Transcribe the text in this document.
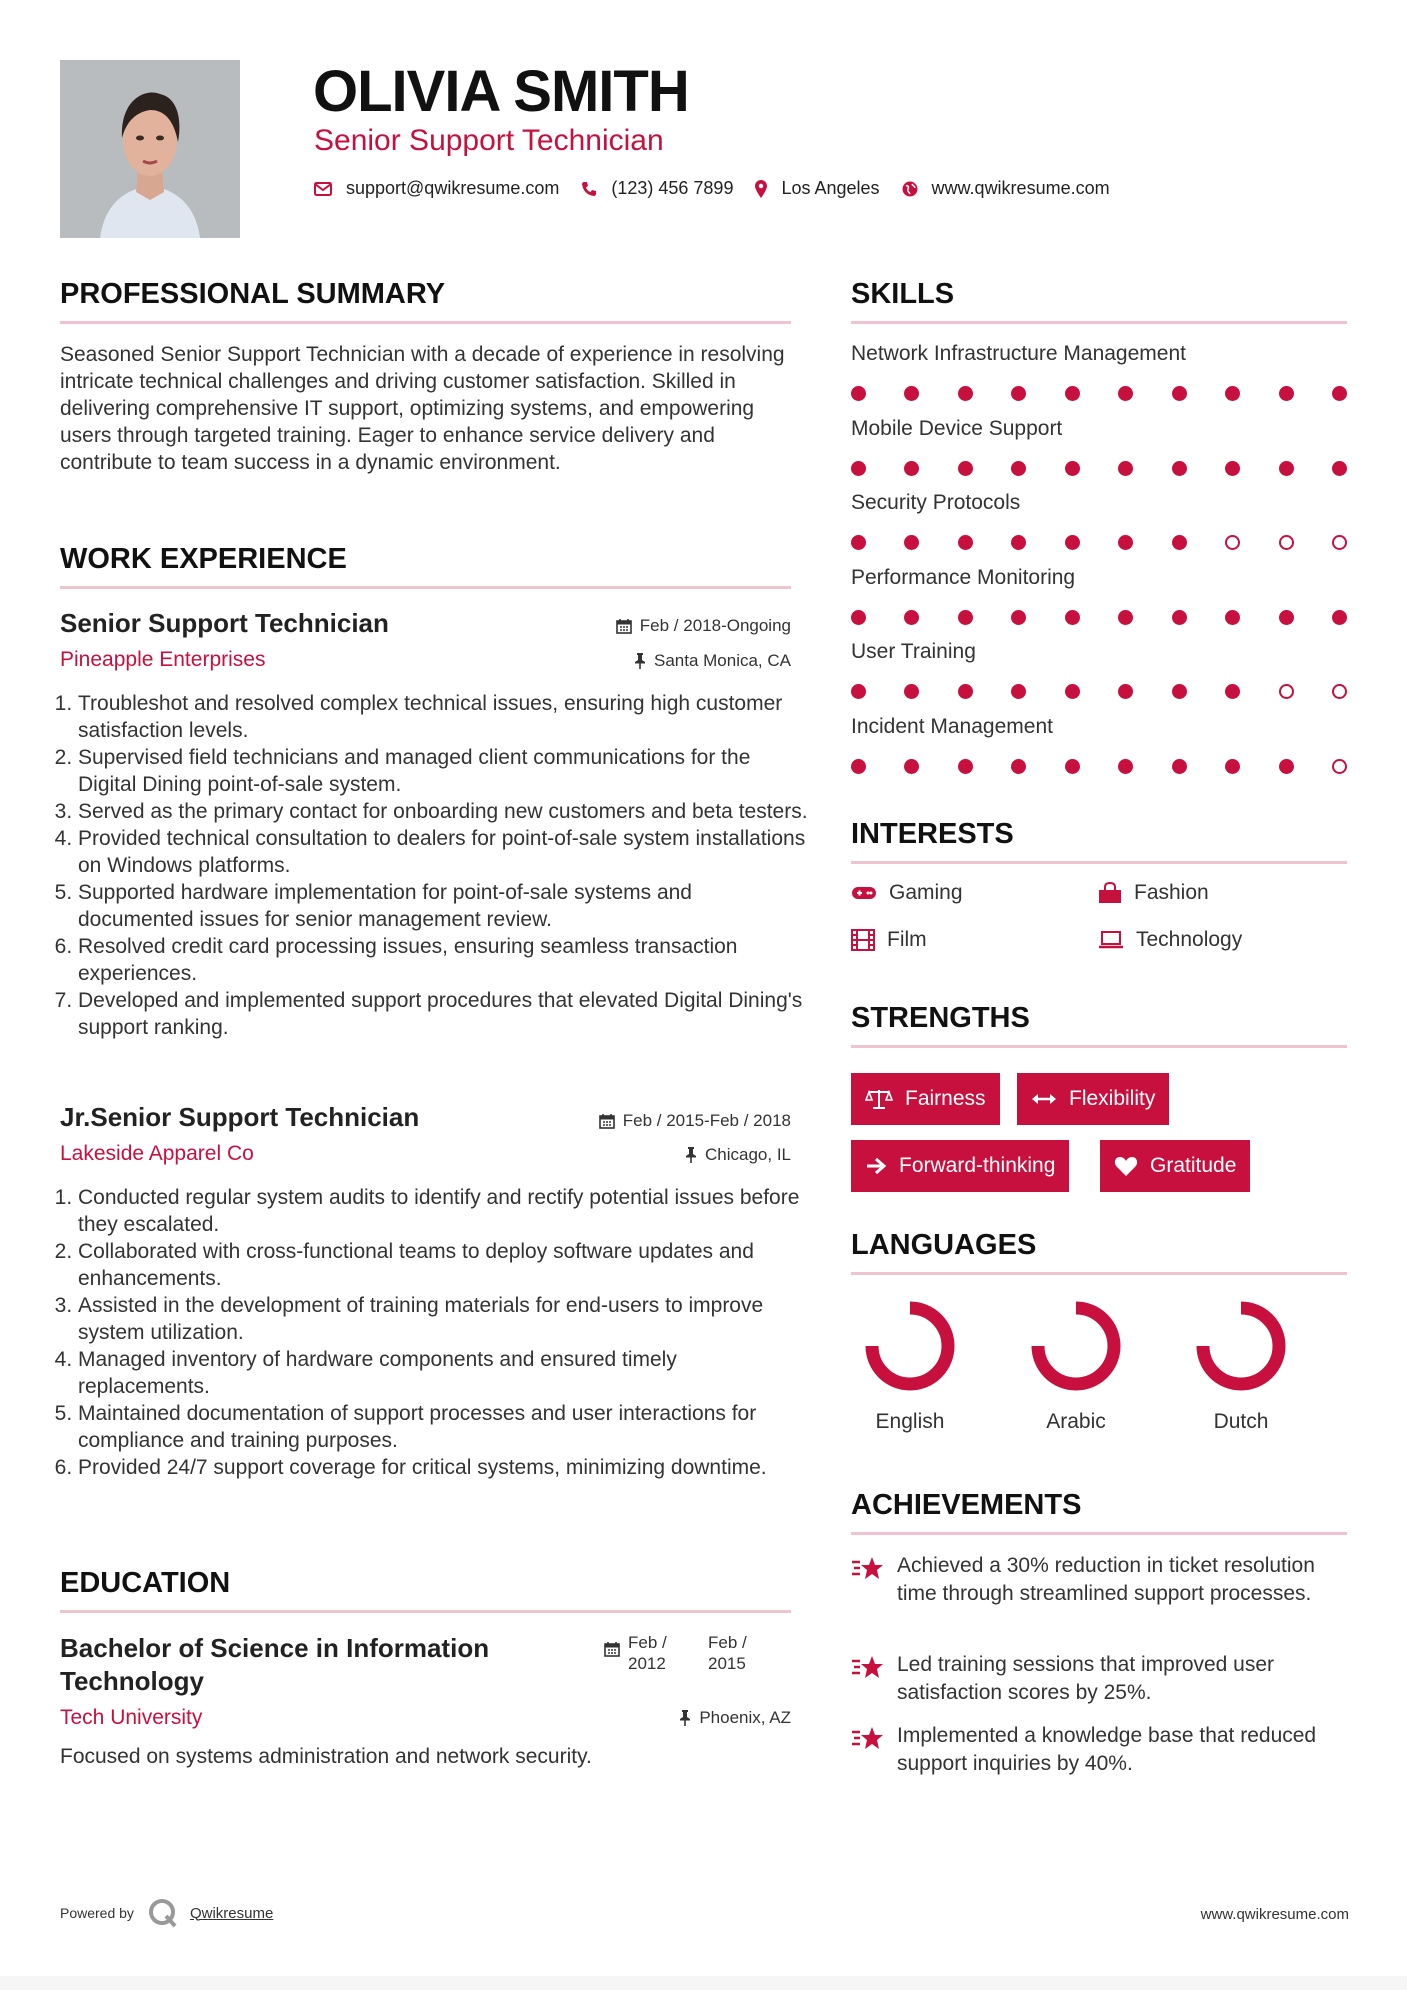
OLIVIA SMITH
Senior Support Technician
support@qwikresume.com	(123) 456 7899	Los Angeles	www.qwikresume.com
PROFESSIONAL SUMMARY

Seasoned Senior Support Technician with a decade of experience in resolving intricate technical challenges and driving customer satisfaction. Skilled in delivering comprehensive IT support, optimizing systems, and empowering users through targeted training. Eager to enhance service delivery and contribute to team success in a dynamic environment.

WORK EXPERIENCE
Senior Support Technician
Pineapple Enterprises
Feb / 2018-Ongoing
Santa Monica, CA
1. Troubleshot and resolved complex technical issues, ensuring high customer satisfaction levels.
2. Supervised field technicians and managed client communications for the Digital Dining point-of-sale system.
3. Served as the primary contact for onboarding new customers and beta testers.
4. Provided technical consultation to dealers for point-of-sale system installations on Windows platforms.
5. Supported hardware implementation for point-of-sale systems and documented issues for senior management review.
6. Resolved credit card processing issues, ensuring seamless transaction experiences.
7. Developed and implemented support procedures that elevated Digital Dining's support ranking.
Jr.Senior Support Technician
Lakeside Apparel Co
Feb / 2015-Feb / 2018
Chicago, IL
1. Conducted regular system audits to identify and rectify potential issues before they escalated.
2. Collaborated with cross-functional teams to deploy software updates and enhancements.
3. Assisted in the development of training materials for end-users to improve system utilization.
4. Managed inventory of hardware components and ensured timely replacements.
5. Maintained documentation of support processes and user interactions for compliance and training purposes.
6. Provided 24/7 support coverage for critical systems, minimizing downtime.
EDUCATION
Bachelor of Science in Information Technology
Tech University
Feb / 2012
Feb / 2015
Phoenix, AZ
Focused on systems administration and network security.
SKILLS
Network Infrastructure Management
Mobile Device Support
Security Protocols
Performance Monitoring
User Training
Incident Management
INTERESTS
Gaming	Fashion
Film	Technology
STRENGTHS
Fairness	Flexibility
Forward-thinking	Gratitude
LANGUAGES
English	Arabic	Dutch
ACHIEVEMENTS
Achieved a 30% reduction in ticket resolution time through streamlined support processes.
Led training sessions that improved user satisfaction scores by 25%.
Implemented a knowledge base that reduced support inquiries by 40%.
Powered by	Qwikresume	www.qwikresume.com
